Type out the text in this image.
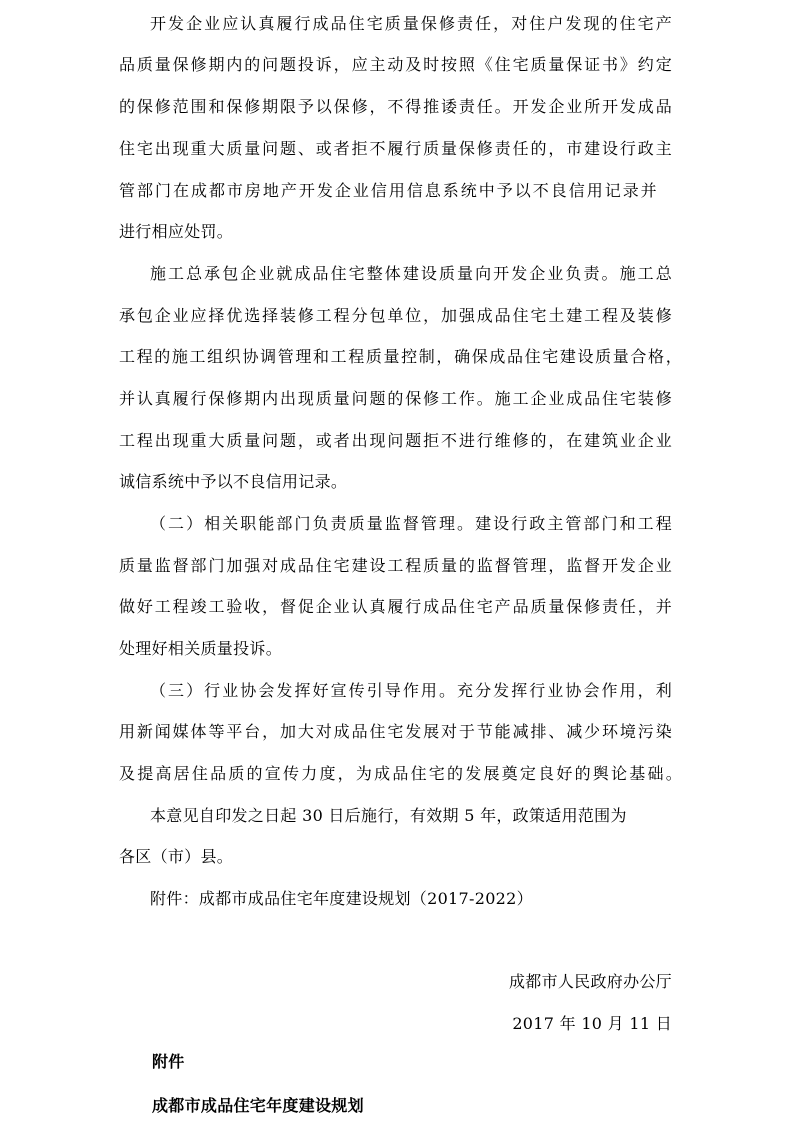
开发企业应认真履行成品住宅质量保修责任，对住户发现的住宅产
品质量保修期内的问题投诉，应主动及时按照《住宅质量保证书》约定
的保修范围和保修期限予以保修，不得推诿责任。开发企业所开发成品
住宅出现重大质量问题、或者拒不履行质量保修责任的，市建设行政主
管部门在成都市房地产开发企业信用信息系统中予以不良信用记录并
进行相应处罚。
施工总承包企业就成品住宅整体建设质量向开发企业负责。施工总
承包企业应择优选择装修工程分包单位，加强成品住宅土建工程及装修
工程的施工组织协调管理和工程质量控制，确保成品住宅建设质量合格，
并认真履行保修期内出现质量问题的保修工作。施工企业成品住宅装修
工程出现重大质量问题，或者出现问题拒不进行维修的，在建筑业企业
诚信系统中予以不良信用记录。
（二）相关职能部门负责质量监督管理。建设行政主管部门和工程
质量监督部门加强对成品住宅建设工程质量的监督管理，监督开发企业
做好工程竣工验收，督促企业认真履行成品住宅产品质量保修责任，并
处理好相关质量投诉。
（三）行业协会发挥好宣传引导作用。充分发挥行业协会作用，利
用新闻媒体等平台，加大对成品住宅发展对于节能减排、减少环境污染
及提高居住品质的宣传力度，为成品住宅的发展奠定良好的舆论基础。
本意见自印发之日起 30 日后施行，有效期 5 年，政策适用范围为
各区（市）县。
附件：成都市成品住宅年度建设规划（2017-2022）
成都市人民政府办公厅
2017 年 10 月 11 日
附件
成都市成品住宅年度建设规划
